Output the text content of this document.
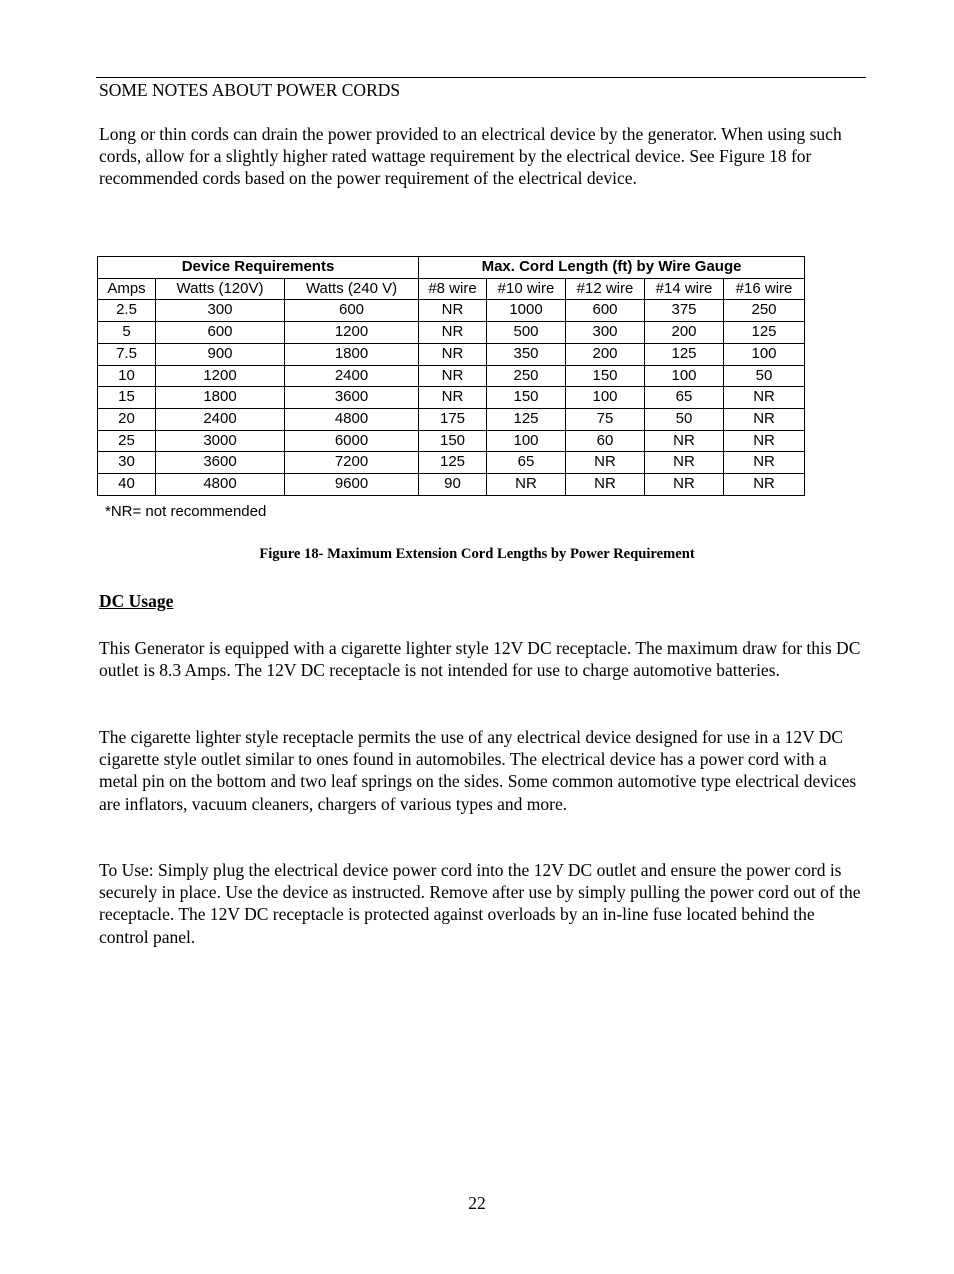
SOME NOTES ABOUT POWER CORDS

Long or thin cords can drain the power provided to an electrical device by the generator. When using such cords, allow for a slightly higher rated wattage requirement by the electrical device. See Figure 18 for recommended cords based on the power requirement of the electrical device.

Device Requirements			Max. Cord Length (ft) by Wire Gauge				
Amps	Watts (120V)	Watts (240 V)	#8 wire	#10 wire	#12 wire	#14 wire	#16 wire
2.5	300	600	NR	1000	600	375	250
5	600	1200	NR	500	300	200	125
7.5	900	1800	NR	350	200	125	100
10	1200	2400	NR	250	150	100	50
15	1800	3600	NR	150	100	65	NR
20	2400	4800	175	125	75	50	NR
25	3000	6000	150	100	60	NR	NR
30	3600	7200	125	65	NR	NR	NR
40	4800	9600	90	NR	NR	NR	NR

*NR= not recommended

Figure 18- Maximum Extension Cord Lengths by Power Requirement

DC Usage

This Generator is equipped with a cigarette lighter style 12V DC receptacle. The maximum draw for this DC outlet is 8.3 Amps. The 12V DC receptacle is not intended for use to charge automotive batteries.

The cigarette lighter style receptacle permits the use of any electrical device designed for use in a 12V DC cigarette style outlet similar to ones found in automobiles. The electrical device has a power cord with a metal pin on the bottom and two leaf springs on the sides. Some common automotive type electrical devices are inflators, vacuum cleaners, chargers of various types and more.

To Use: Simply plug the electrical device power cord into the 12V DC outlet and ensure the power cord is securely in place. Use the device as instructed. Remove after use by simply pulling the power cord out of the receptacle. The 12V DC receptacle is protected against overloads by an in-line fuse located behind the control panel.

22
